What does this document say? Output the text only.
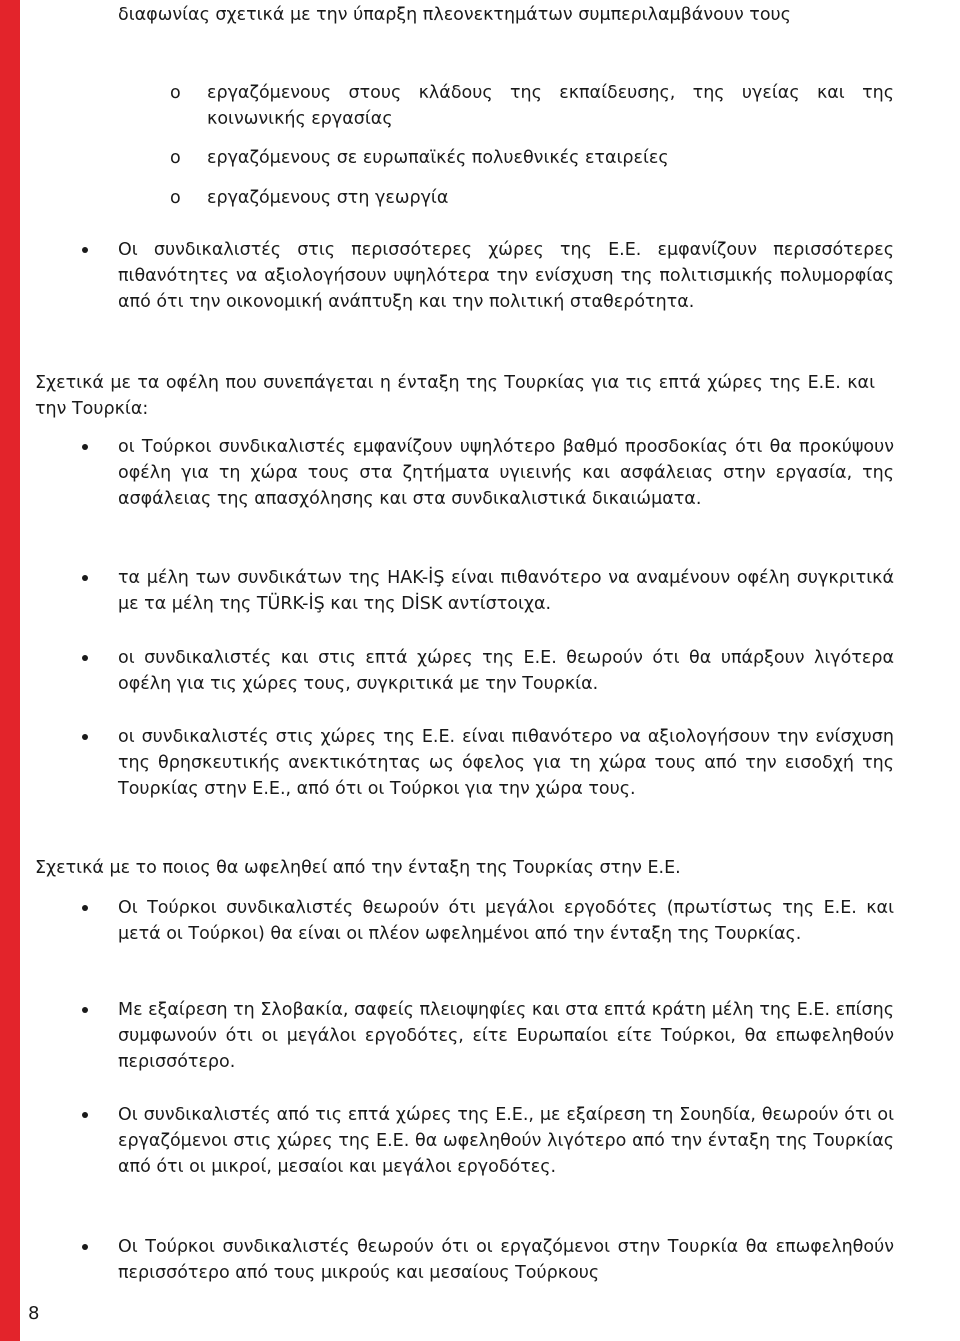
διαφωνίας σχετικά με την ύπαρξη πλεονεκτημάτων συμπεριλαμβάνουν τους
o εργαζόμενους στους κλάδους της εκπαίδευσης, της υγείας και της κοινωνικής εργασίας
o εργαζόμενους σε ευρωπαϊκές πολυεθνικές εταιρείες
o εργαζόμενους στη γεωργία
Οι συνδικαλιστές στις περισσότερες χώρες της Ε.Ε. εμφανίζουν περισσότερες πιθανότητες να αξιολογήσουν υψηλότερα την ενίσχυση της πολιτισμικής πολυμορφίας από ότι την οικονομική ανάπτυξη και την πολιτική σταθερότητα.
Σχετικά με τα οφέλη που συνεπάγεται η ένταξη της Τουρκίας για τις επτά χώρες της Ε.Ε. και την Τουρκία:
οι Τούρκοι συνδικαλιστές εμφανίζουν υψηλότερο βαθμό προσδοκίας ότι θα προκύψουν οφέλη για τη χώρα τους στα ζητήματα υγιεινής και ασφάλειας στην εργασία, της ασφάλειας της απασχόλησης και στα συνδικαλιστικά δικαιώματα.
τα μέλη των συνδικάτων της HAK-İŞ είναι πιθανότερο να αναμένουν οφέλη συγκριτικά με τα μέλη της TÜRK-İŞ και της DİSK αντίστοιχα.
οι συνδικαλιστές και στις επτά χώρες της Ε.Ε. θεωρούν ότι θα υπάρξουν λιγότερα οφέλη για τις χώρες τους, συγκριτικά με την Τουρκία.
οι συνδικαλιστές στις χώρες της Ε.Ε. είναι πιθανότερο να αξιολογήσουν την ενίσχυση της θρησκευτικής ανεκτικότητας ως όφελος για τη χώρα τους από την εισοδχή της Τουρκίας στην Ε.Ε., από ότι οι Τούρκοι για την χώρα τους.
Σχετικά με το ποιος θα ωφεληθεί από την ένταξη της Τουρκίας στην Ε.Ε.
Οι Τούρκοι συνδικαλιστές θεωρούν ότι μεγάλοι εργοδότες (πρωτίστως της Ε.Ε. και μετά οι Τούρκοι) θα είναι οι πλέον ωφελημένοι από την ένταξη της Τουρκίας.
Με εξαίρεση τη Σλοβακία, σαφείς πλειοψηφίες και στα επτά κράτη μέλη της Ε.Ε. επίσης συμφωνούν ότι οι μεγάλοι εργοδότες, είτε Ευρωπαίοι είτε Τούρκοι, θα επωφεληθούν περισσότερο.
Οι συνδικαλιστές από τις επτά χώρες της Ε.Ε., με εξαίρεση τη Σουηδία, θεωρούν ότι οι εργαζόμενοι στις χώρες της Ε.Ε. θα ωφεληθούν λιγότερο από την ένταξη της Τουρκίας από ότι οι μικροί, μεσαίοι και μεγάλοι εργοδότες.
Οι Τούρκοι συνδικαλιστές θεωρούν ότι οι εργαζόμενοι στην Τουρκία θα επωφεληθούν περισσότερο από τους μικρούς και μεσαίους Τούρκους
8
